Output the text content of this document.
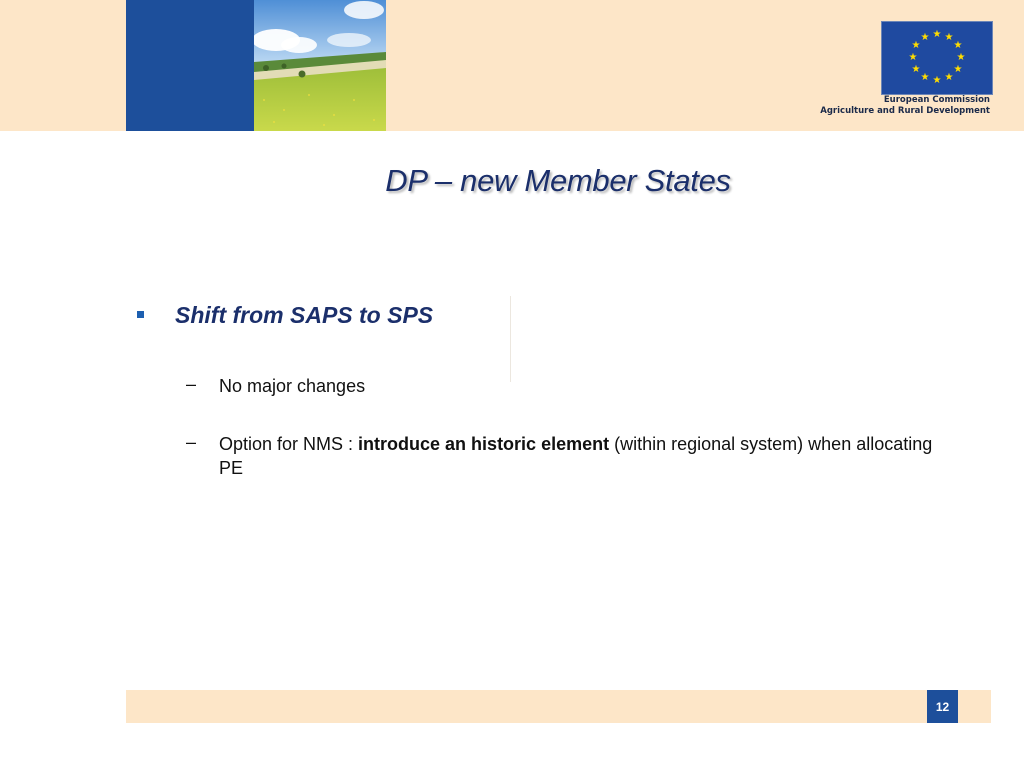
★ ★
★
★
★
★
★
★
★
★
★
★
European Commission
Agriculture and Rural Development
DP – new Member States
Shift from SAPS to SPS
– No major changes
– Option for NMS : introduce an historic element (within regional system) when allocating PE
12
